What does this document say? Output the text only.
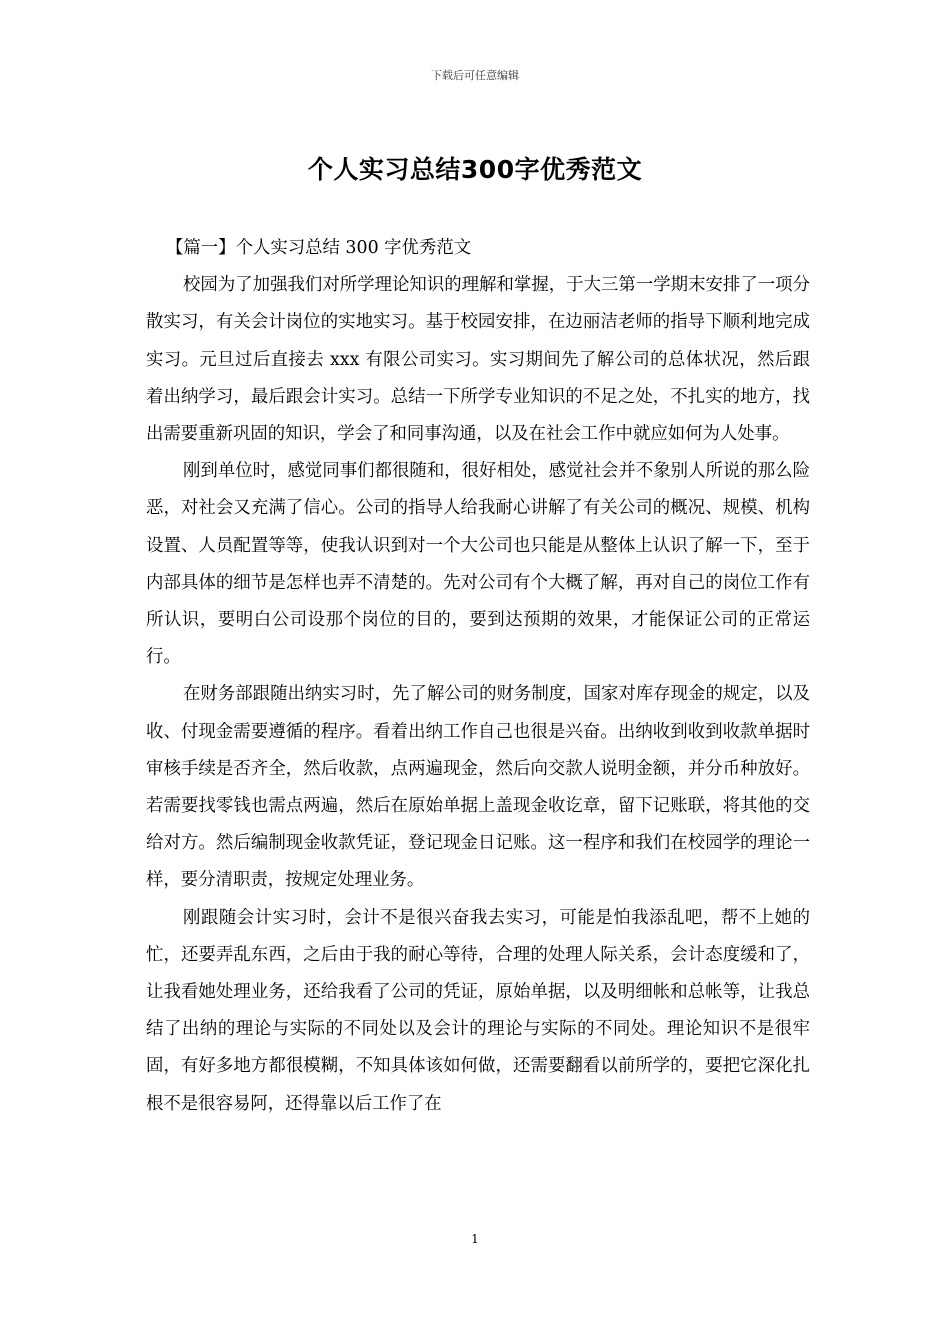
下载后可任意编辑
个人实习总结300字优秀范文

【篇一】个人实习总结 300 字优秀范文

校园为了加强我们对所学理论知识的理解和掌握，于大三第一学期末安排了一项分散实习，有关会计岗位的实地实习。基于校园安排，在边丽洁老师的指导下顺利地完成实习。元旦过后直接去 xxx 有限公司实习。实习期间先了解公司的总体状况，然后跟着出纳学习，最后跟会计实习。总结一下所学专业知识的不足之处，不扎实的地方，找出需要重新巩固的知识，学会了和同事沟通，以及在社会工作中就应如何为人处事。

刚到单位时，感觉同事们都很随和，很好相处，感觉社会并不象别人所说的那么险恶，对社会又充满了信心。公司的指导人给我耐心讲解了有关公司的概况、规模、机构设置、人员配置等等，使我认识到对一个大公司也只能是从整体上认识了解一下，至于内部具体的细节是怎样也弄不清楚的。先对公司有个大概了解，再对自己的岗位工作有所认识，要明白公司设那个岗位的目的，要到达预期的效果，才能保证公司的正常运行。

在财务部跟随出纳实习时，先了解公司的财务制度，国家对库存现金的规定，以及收、付现金需要遵循的程序。看着出纳工作自己也很是兴奋。出纳收到收到收款单据时审核手续是否齐全，然后收款，点两遍现金，然后向交款人说明金额，并分币种放好。若需要找零钱也需点两遍，然后在原始单据上盖现金收讫章，留下记账联，将其他的交给对方。然后编制现金收款凭证，登记现金日记账。这一程序和我们在校园学的理论一样，要分清职责，按规定处理业务。

刚跟随会计实习时，会计不是很兴奋我去实习，可能是怕我添乱吧，帮不上她的忙，还要弄乱东西，之后由于我的耐心等待，合理的处理人际关系，会计态度缓和了，让我看她处理业务，还给我看了公司的凭证，原始单据，以及明细帐和总帐等，让我总结了出纳的理论与实际的不同处以及会计的理论与实际的不同处。理论知识不是很牢固，有好多地方都很模糊，不知具体该如何做，还需要翻看以前所学的，要把它深化扎根不是很容易阿，还得靠以后工作了在

1
